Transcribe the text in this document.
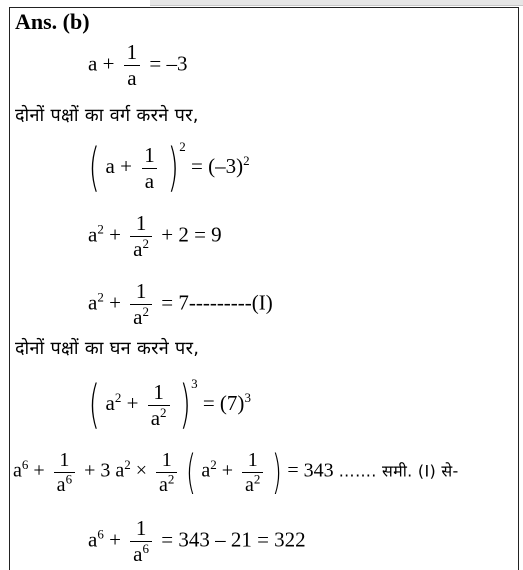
Ans. (b)
$a + \frac{1}{a} = -3$
दोनों पक्षों का वर्ग करने पर,
( $a + \frac{1}{a} )^2 = (-3)^2$
$a^2 + \frac{1}{a^2} + 2 = 9$
$a^2 + \frac{1}{a^2} = 7---------(I)$
दोनों पक्षों का घन करने पर,
( $a^2 + \frac{1}{a^2} )^3 = (7)^3$
$a^6 + \frac{1}{a^6} + 3$ $a^2 \times \frac{1}{a^2}$ ( $a^2 + \frac{1}{a^2}$ ) = 343 ……. समी. (I) से-
$a^6 + \frac{1}{a^6} = 343 - 21 = 322$
